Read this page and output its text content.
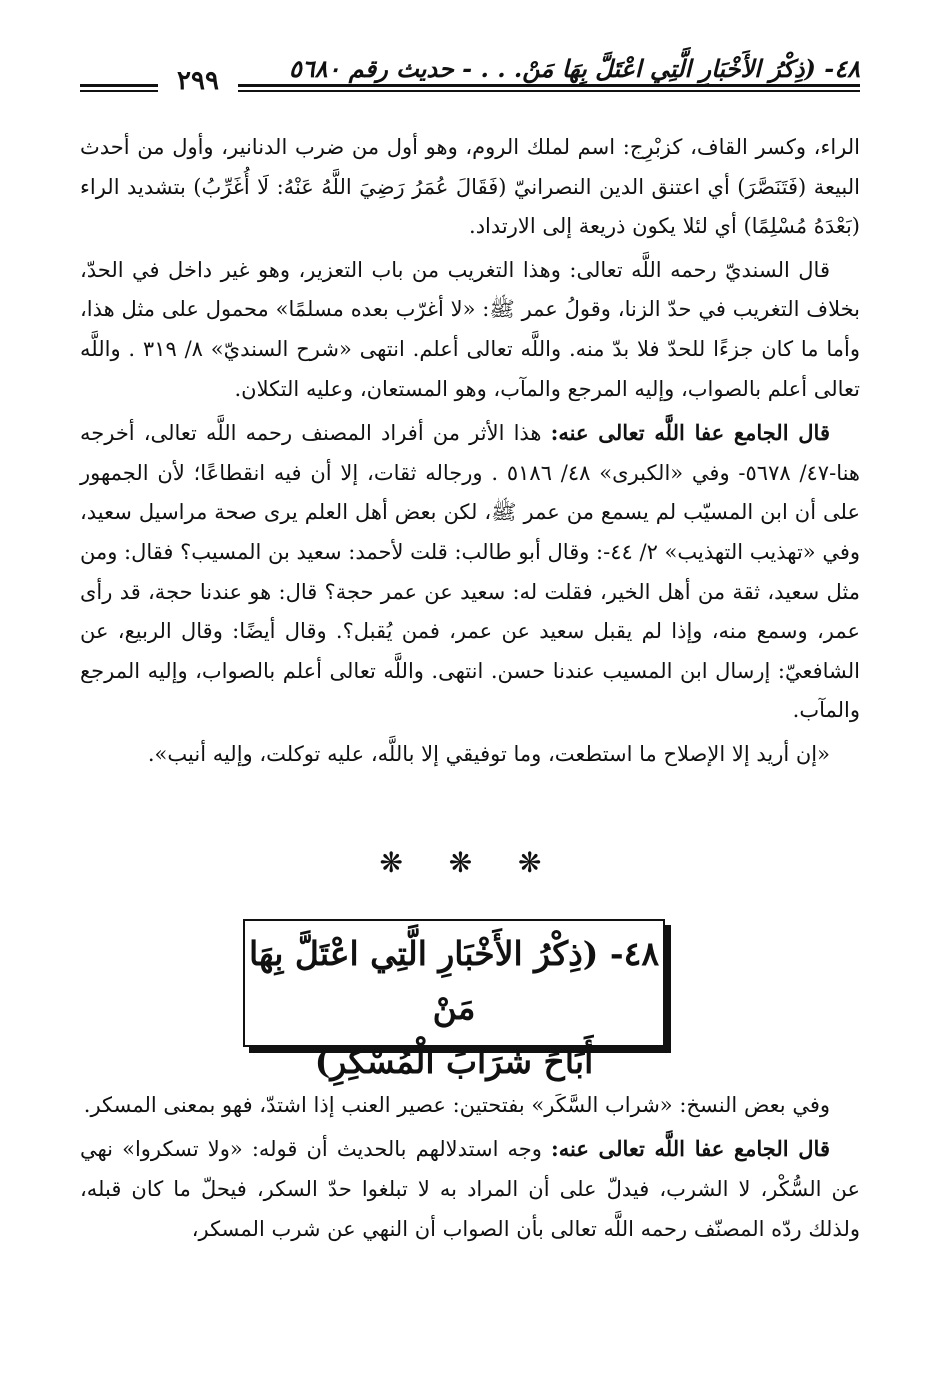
٤٨- (ذِكْرُ الأَخْبَارِ الَّتِي اعْتَلَّ بِهَا مَنْ. . . - حديث رقم ٥٦٨٠
٢٩٩

الراء، وكسر القاف، كزبْرِج: اسم لملك الروم، وهو أول من ضرب الدنانير، وأول من أحدث البيعة (فَتَنَصَّرَ) أي اعتنق الدين النصرانيّ (فَقَالَ عُمَرُ رَضِيَ اللَّهُ عَنْهُ: لَا أُغَرِّبُ) بتشديد الراء (بَعْدَهُ مُسْلِمًا) أي لئلا يكون ذريعة إلى الارتداد.

قال السنديّ رحمه اللَّه تعالى: وهذا التغريب من باب التعزير، وهو غير داخل في الحدّ، بخلاف التغريب في حدّ الزنا، وقولُ عمر ﷺ: «لا أغرّب بعده مسلمًا» محمول على مثل هذا، وأما ما كان جزءًا للحدّ فلا بدّ منه. واللَّه تعالى أعلم. انتهى «شرح السنديّ» ٨/ ٣١٩ . واللَّه تعالى أعلم بالصواب، وإليه المرجع والمآب، وهو المستعان، وعليه التكلان.

قال الجامع عفا اللَّه تعالى عنه: هذا الأثر من أفراد المصنف رحمه اللَّه تعالى، أخرجه هنا-٤٧/ ٥٦٧٨- وفي «الكبرى» ٤٨/ ٥١٨٦ . ورجاله ثقات، إلا أن فيه انقطاعًا؛ لأن الجمهور على أن ابن المسيّب لم يسمع من عمر ﷺ، لكن بعض أهل العلم يرى صحة مراسيل سعيد، وفي «تهذيب التهذيب» ٢/ ٤٤-: وقال أبو طالب: قلت لأحمد: سعيد بن المسيب؟ فقال: ومن مثل سعيد، ثقة من أهل الخير، فقلت له: سعيد عن عمر حجة؟ قال: هو عندنا حجة، قد رأى عمر، وسمع منه، وإذا لم يقبل سعيد عن عمر، فمن يُقبل؟. وقال أيضًا: وقال الربيع، عن الشافعيّ: إرسال ابن المسيب عندنا حسن. انتهى. واللَّه تعالى أعلم بالصواب، وإليه المرجع والمآب.

«إن أريد إلا الإصلاح ما استطعت، وما توفيقي إلا باللَّه، عليه توكلت، وإليه أنيب».

❋ ❋ ❋
٤٨- (ذِكْرُ الأَخْبَارِ الَّتِي اعْتَلَّ بِهَا مَنْ
أَبَاحَ شَرَابَ الْمُسْكِرِ)

وفي بعض النسخ: «شراب السَّكَر» بفتحتين: عصير العنب إذا اشتدّ، فهو بمعنى المسكر.

قال الجامع عفا اللَّه تعالى عنه: وجه استدلالهم بالحديث أن قوله: «ولا تسكروا» نهي عن السُّكْر، لا الشرب، فيدلّ على أن المراد به لا تبلغوا حدّ السكر، فيحلّ ما كان قبله، ولذلك ردّه المصنّف رحمه اللَّه تعالى بأن الصواب أن النهي عن شرب المسكر،
